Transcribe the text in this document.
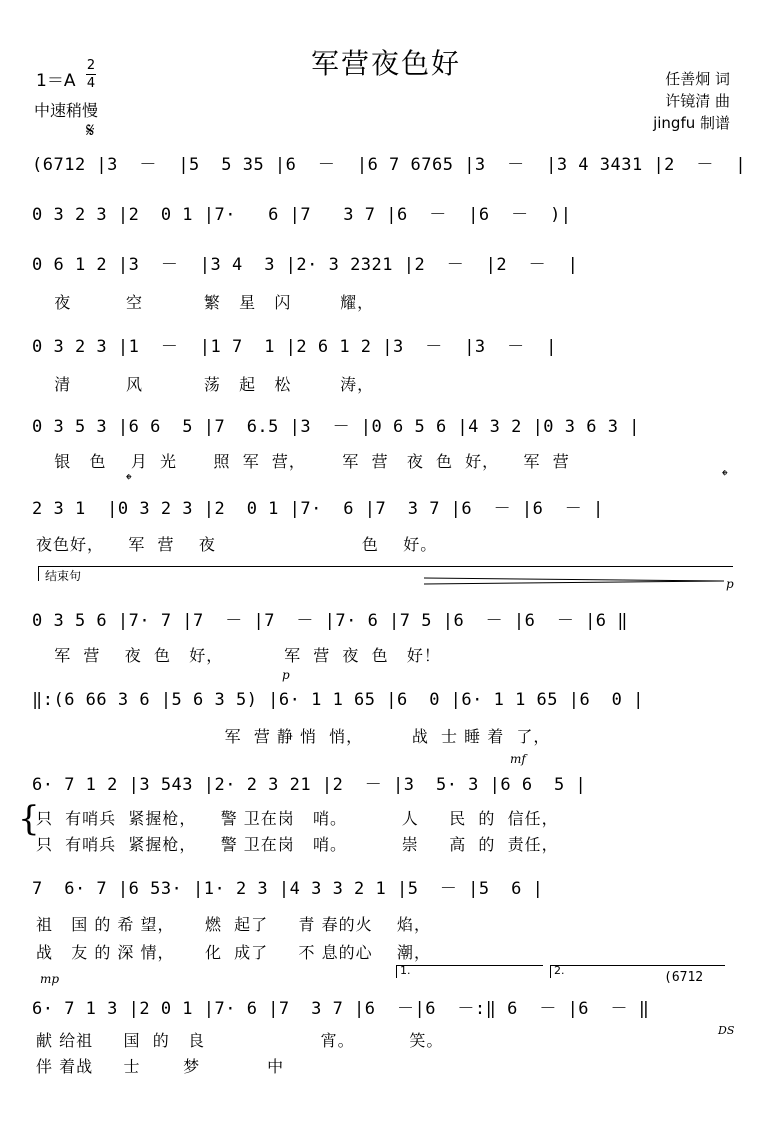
军营夜色好
1＝A
2
4
中速稍慢
𝄋
任善炯 词
许镜清 曲
jingfu 制谱
(6712 |3  －  |5  5 35 |6  －  |6 7 6765 |3  －  |3 4 3431 |2  －  |
0 3 2 3 |2  0 1 |7·   6 |7   3 7 |6  －  |6  －  )|
0 6 1 2 |3  －  |3 4  3 |2· 3 2321 |2  －  |2  －  |
夜         空          繁   星   闪        耀，
0 3 2 3 |1  －  |1 7  1 |2 6 1 2 |3  －  |3  －  |
清         风          荡   起   松        涛，
0 3 5 3 |6 6  5 |7  6.5 |3  － |0 6 5 6 |4 3 2 |0 3 6 3 |
银   色    月  光      照  军  营，      军  营   夜  色  好，    军  营
𝄌	𝄌
2 3 1  |0 3 2 3 |2  0 1 |7·  6 |7  3 7 |6  － |6  － |
夜色好，    军  营    夜                        色    好。
结束句
p
0 3 5 6 |7· 7 |7  － |7  － |7· 6 |7 5 |6  － |6  － |6 ‖
军  营    夜  色   好，          军  营  夜  色   好！
p
‖:(6 66 3 6 |5 6 3 5) |6· 1 1 65 |6  0 |6· 1 1 65 |6  0 |
军  营 静 悄  悄，        战  士 睡 着  了，
mf
6· 7 1 2 |3 543 |2· 2 3 21 |2  － |3  5· 3 |6 6  5 |
{
只  有哨兵  紧握枪，    警 卫在岗   哨。         人     民  的  信任，
只  有哨兵  紧握枪，    警 卫在岗   哨。         崇     高  的  责任，
7  6· 7 |6 53· |1· 2 3 |4 3 3 2 1 |5  － |5  6 |
祖   国 的 希 望，     燃  起了     青 春的火    焰，
战   友 的 深 情，     化  成了     不 息的心    潮，
mp
1.	2.	(6712
6· 7 1 3 |2 0 1 |7· 6 |7  3 7 |6  －|6  －:‖ 6  － |6  － ‖
DS
献 给祖     国  的   良                   宵。         笑。
伴 着战     士       梦           中
